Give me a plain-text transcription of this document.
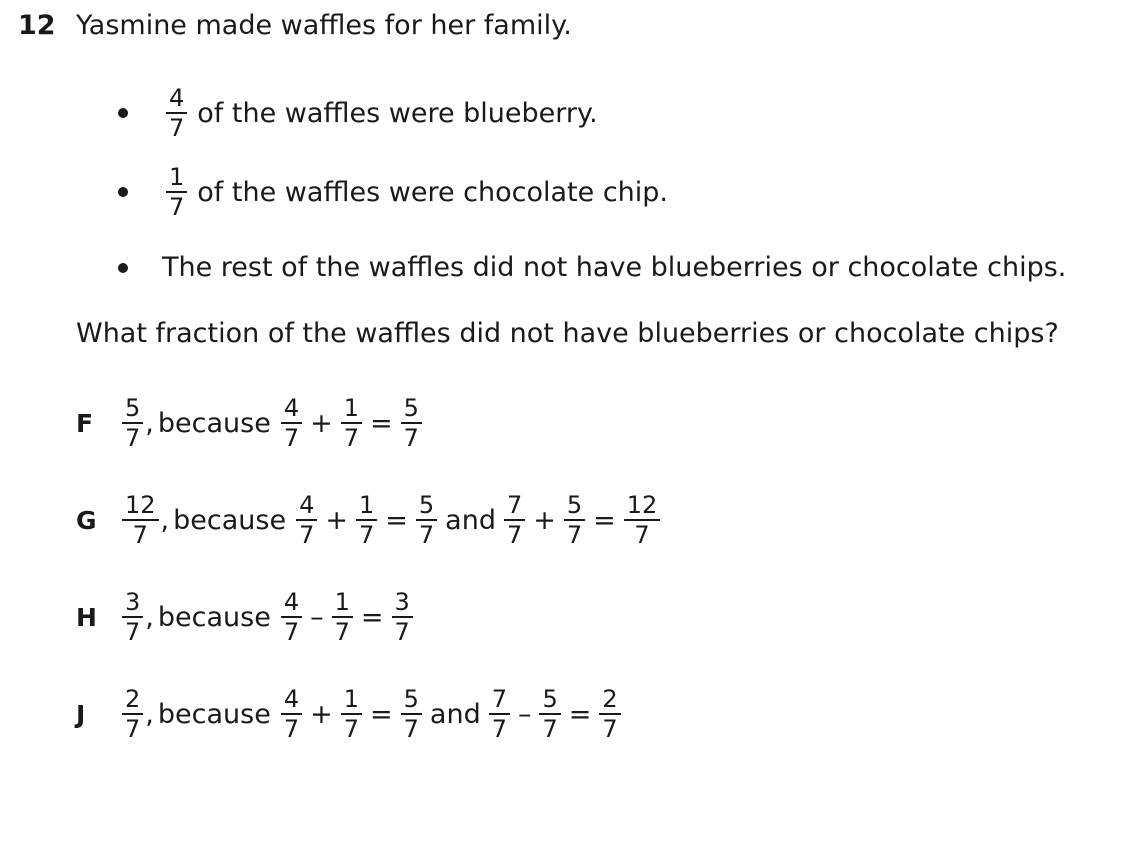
12 Yasmine made waffles for her family.
$\frac{4}{7}$ of the waffles were blueberry.
$\frac{1}{7}$ of the waffles were chocolate chip.
The rest of the waffles did not have blueberries or chocolate chips.
What fraction of the waffles did not have blueberries or chocolate chips?
F	$\frac{5}{7}$ , because $\frac{4}{7} + \frac{1}{7} = \frac{5}{7}$
G	$\frac{12}{7}$ , because $\frac{4}{7} + \frac{1}{7} = \frac{5}{7}$ and $\frac{7}{7} + \frac{5}{7} = \frac{12}{7}$
H	$\frac{3}{7}$ , because $\frac{4}{7} - \frac{1}{7} = \frac{3}{7}$
J	$\frac{2}{7}$ , because $\frac{4}{7} + \frac{1}{7} = \frac{5}{7}$ and $\frac{7}{7} - \frac{5}{7} = \frac{2}{7}$
